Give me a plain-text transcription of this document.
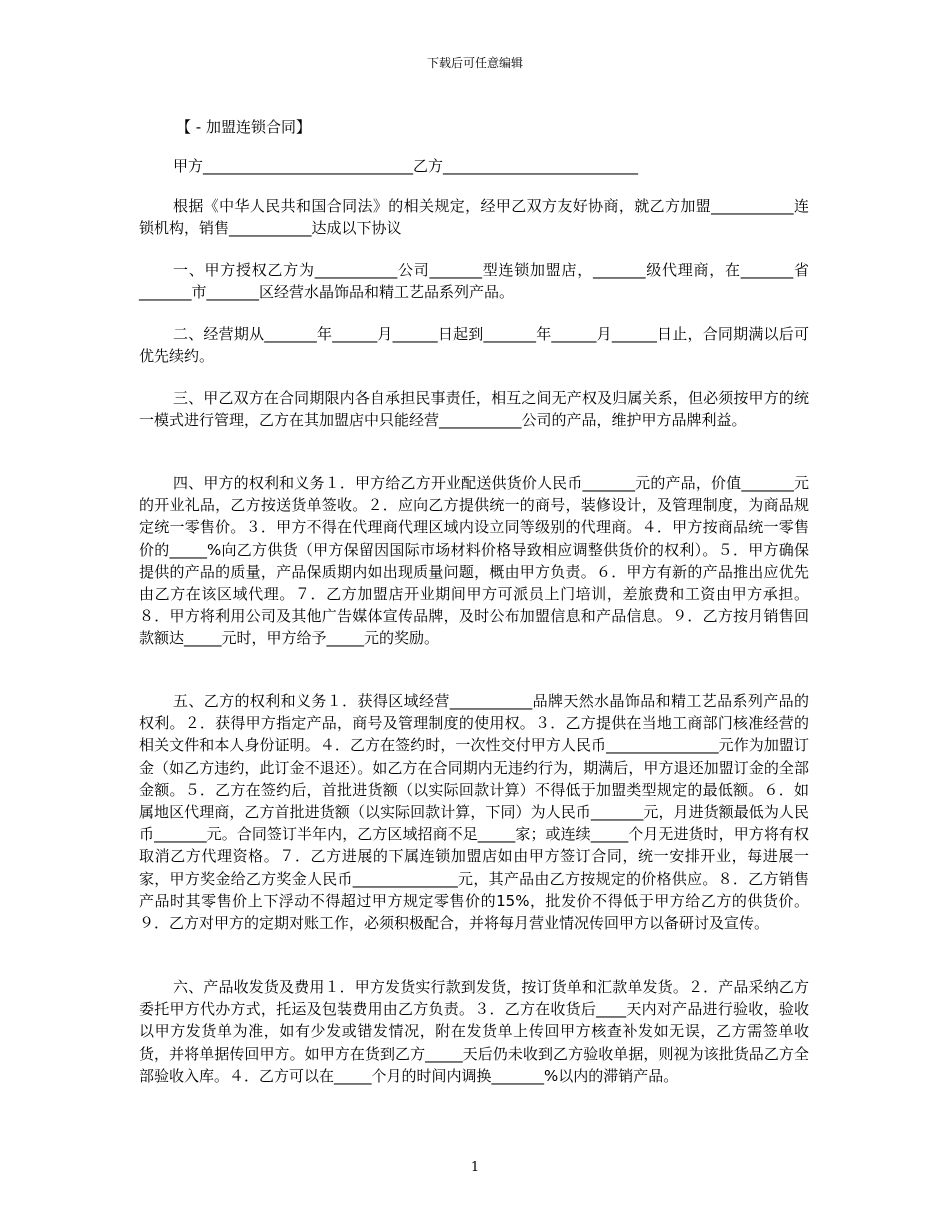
下载后可任意编辑
【 - 加盟连锁合同】
甲方____________________________乙方__________________________

根据《中华人民共和国合同法》的相关规定，经甲乙双方友好协商，就乙方加盟___________连锁机构，销售___________达成以下协议

一、甲方授权乙方为___________公司_______型连锁加盟店，_______级代理商，在_______省_______市_______区经营水晶饰品和精工艺品系列产品。

二、经营期从_______年______月______日起到_______年______月______日止，合同期满以后可优先续约。

三、甲乙双方在合同期限内各自承担民事责任，相互之间无产权及归属关系，但必须按甲方的统一模式进行管理，乙方在其加盟店中只能经营___________公司的产品，维护甲方品牌利益。

四、甲方的权利和义务１．甲方给乙方开业配送供货价人民币_______元的产品，价值_______元的开业礼品，乙方按送货单签收。２．应向乙方提供统一的商号，装修设计，及管理制度，为商品规定统一零售价。３．甲方不得在代理商代理区域内设立同等级别的代理商。４．甲方按商品统一零售价的_____%向乙方供货（甲方保留因国际市场材料价格导致相应调整供货价的权利）。５．甲方确保提供的产品的质量，产品保质期内如出现质量问题，概由甲方负责。６．甲方有新的产品推出应优先由乙方在该区域代理。７．乙方加盟店开业期间甲方可派员上门培训，差旅费和工资由甲方承担。８．甲方将利用公司及其他广告媒体宣传品牌，及时公布加盟信息和产品信息。９．乙方按月销售回款额达_____元时，甲方给予_____元的奖励。

五、乙方的权利和义务１．获得区域经营___________品牌天然水晶饰品和精工艺品系列产品的权利。２．获得甲方指定产品，商号及管理制度的使用权。３．乙方提供在当地工商部门核准经营的相关文件和本人身份证明。４．乙方在签约时，一次性交付甲方人民币_______________元作为加盟订金（如乙方违约，此订金不退还）。如乙方在合同期内无违约行为，期满后，甲方退还加盟订金的全部金额。５．乙方在签约后，首批进货额（以实际回款计算）不得低于加盟类型规定的最低额。６．如属地区代理商，乙方首批进货额（以实际回款计算，下同）为人民币_______元，月进货额最低为人民币_______元。合同签订半年内，乙方区域招商不足_____家；或连续_____个月无进货时，甲方将有权取消乙方代理资格。７．乙方进展的下属连锁加盟店如由甲方签订合同，统一安排开业，每进展一家，甲方奖金给乙方奖金人民币______________元，其产品由乙方按规定的价格供应。８．乙方销售产品时其零售价上下浮动不得超过甲方规定零售价的15%，批发价不得低于甲方给乙方的供货价。９．乙方对甲方的定期对账工作，必须积极配合，并将每月营业情况传回甲方以备研讨及宣传。

六、产品收发货及费用１．甲方发货实行款到发货，按订货单和汇款单发货。２．产品采纳乙方委托甲方代办方式，托运及包装费用由乙方负责。３．乙方在收货后____天内对产品进行验收，验收以甲方发货单为准，如有少发或错发情况，附在发货单上传回甲方核查补发如无误，乙方需签单收货，并将单据传回甲方。如甲方在货到乙方_____天后仍未收到乙方验收单据，则视为该批货品乙方全部验收入库。４．乙方可以在_____个月的时间内调换_______%以内的滞销产品。

1
